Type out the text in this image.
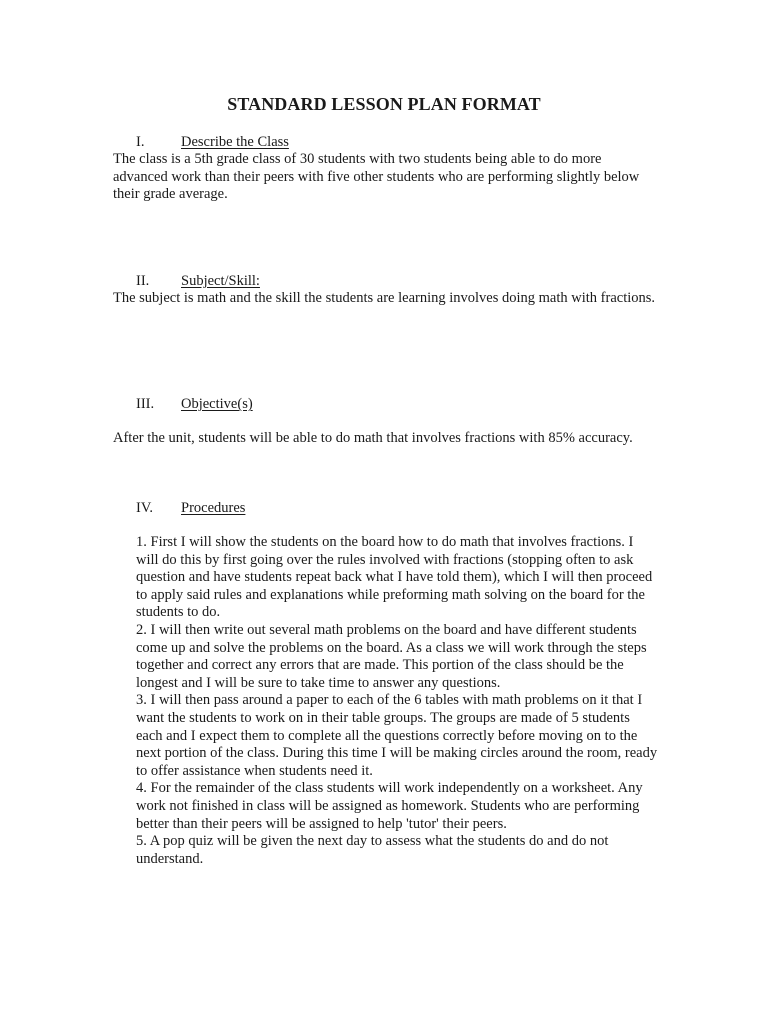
STANDARD LESSON PLAN FORMAT
I.	Describe the Class

The class is a 5th grade class of 30 students with two students being able to do more advanced work than their peers with five other students who are performing slightly below their grade average.

II. Subject/Skill:

The subject is math and the skill the students are learning involves doing math with fractions.

III. Objective(s)

After the unit, students will be able to do math that involves fractions with 85% accuracy.

IV. Procedures

1. First I will show the students on the board how to do math that involves fractions. I will do this by first going over the rules involved with fractions (stopping often to ask question and have students repeat back what I have told them), which I will then proceed to apply said rules and explanations while preforming math solving on the board for the students to do.

2. I will then write out several math problems on the board and have different students come up and solve the problems on the board. As a class we will work through the steps together and correct any errors that are made. This portion of the class should be the longest and I will be sure to take time to answer any questions.

3. I will then pass around a paper to each of the 6 tables with math problems on it that I want the students to work on in their table groups. The groups are made of 5 students each and I expect them to complete all the questions correctly before moving on to the next portion of the class. During this time I will be making circles around the room, ready to offer assistance when students need it.

4. For the remainder of the class students will work independently on a worksheet. Any work not finished in class will be assigned as homework. Students who are performing better than their peers will be assigned to help 'tutor' their peers.

5. A pop quiz will be given the next day to assess what the students do and do not understand.
